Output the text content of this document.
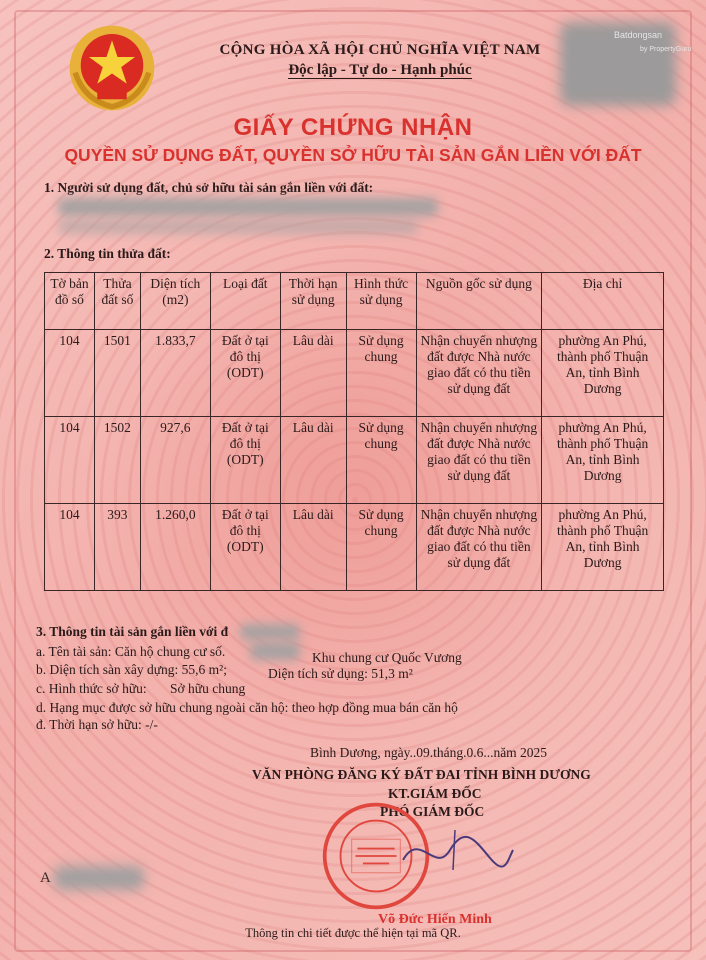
Batdongsan
by PropertyGuru
CỘNG HÒA XÃ HỘI CHỦ NGHĨA VIỆT NAM
Độc lập - Tự do - Hạnh phúc
GIẤY CHỨNG NHẬN
QUYỀN SỬ DỤNG ĐẤT, QUYỀN SỞ HỮU TÀI SẢN GẮN LIỀN VỚI ĐẤT
1. Người sử dụng đất, chủ sở hữu tài sản gắn liền với đất:
2. Thông tin thửa đất:
Tờ bản đồ số	Thửa đất số	Diện tích (m2)	Loại đất	Thời hạn sử dụng	Hình thức sử dụng	Nguồn gốc sử dụng	Địa chỉ
104	1501	1.833,7	Đất ở tại đô thị (ODT)	Lâu dài	Sử dụng chung	Nhận chuyển nhượng đất được Nhà nước giao đất có thu tiền sử dụng đất	phường An Phú, thành phố Thuận An, tỉnh Bình Dương
104	1502	927,6	Đất ở tại đô thị (ODT)	Lâu dài	Sử dụng chung	Nhận chuyển nhượng đất được Nhà nước giao đất có thu tiền sử dụng đất	phường An Phú, thành phố Thuận An, tỉnh Bình Dương
104	393	1.260,0	Đất ở tại đô thị (ODT)	Lâu dài	Sử dụng chung	Nhận chuyển nhượng đất được Nhà nước giao đất có thu tiền sử dụng đất	phường An Phú, thành phố Thuận An, tỉnh Bình Dương
3. Thông tin tài sản gắn liền với đ
a. Tên tài sản: Căn hộ chung cư số.	Khu chung cư Quốc Vương
b. Diện tích sàn xây dựng: 55,6 m²;	Diện tích sử dụng: 51,3 m²
c. Hình thức sở hữu: Sở hữu chung
d. Hạng mục được sở hữu chung ngoài căn hộ: theo hợp đồng mua bán căn hộ
đ. Thời hạn sở hữu: -/-
Bình Dương, ngày..09.tháng.0.6...năm 2025
VĂN PHÒNG ĐĂNG KÝ ĐẤT ĐAI TỈNH BÌNH DƯƠNG
KT.GIÁM ĐỐC
PHÓ GIÁM ĐỐC
Võ Đức Hiển Minh
A
Thông tin chi tiết được thể hiện tại mã QR.
